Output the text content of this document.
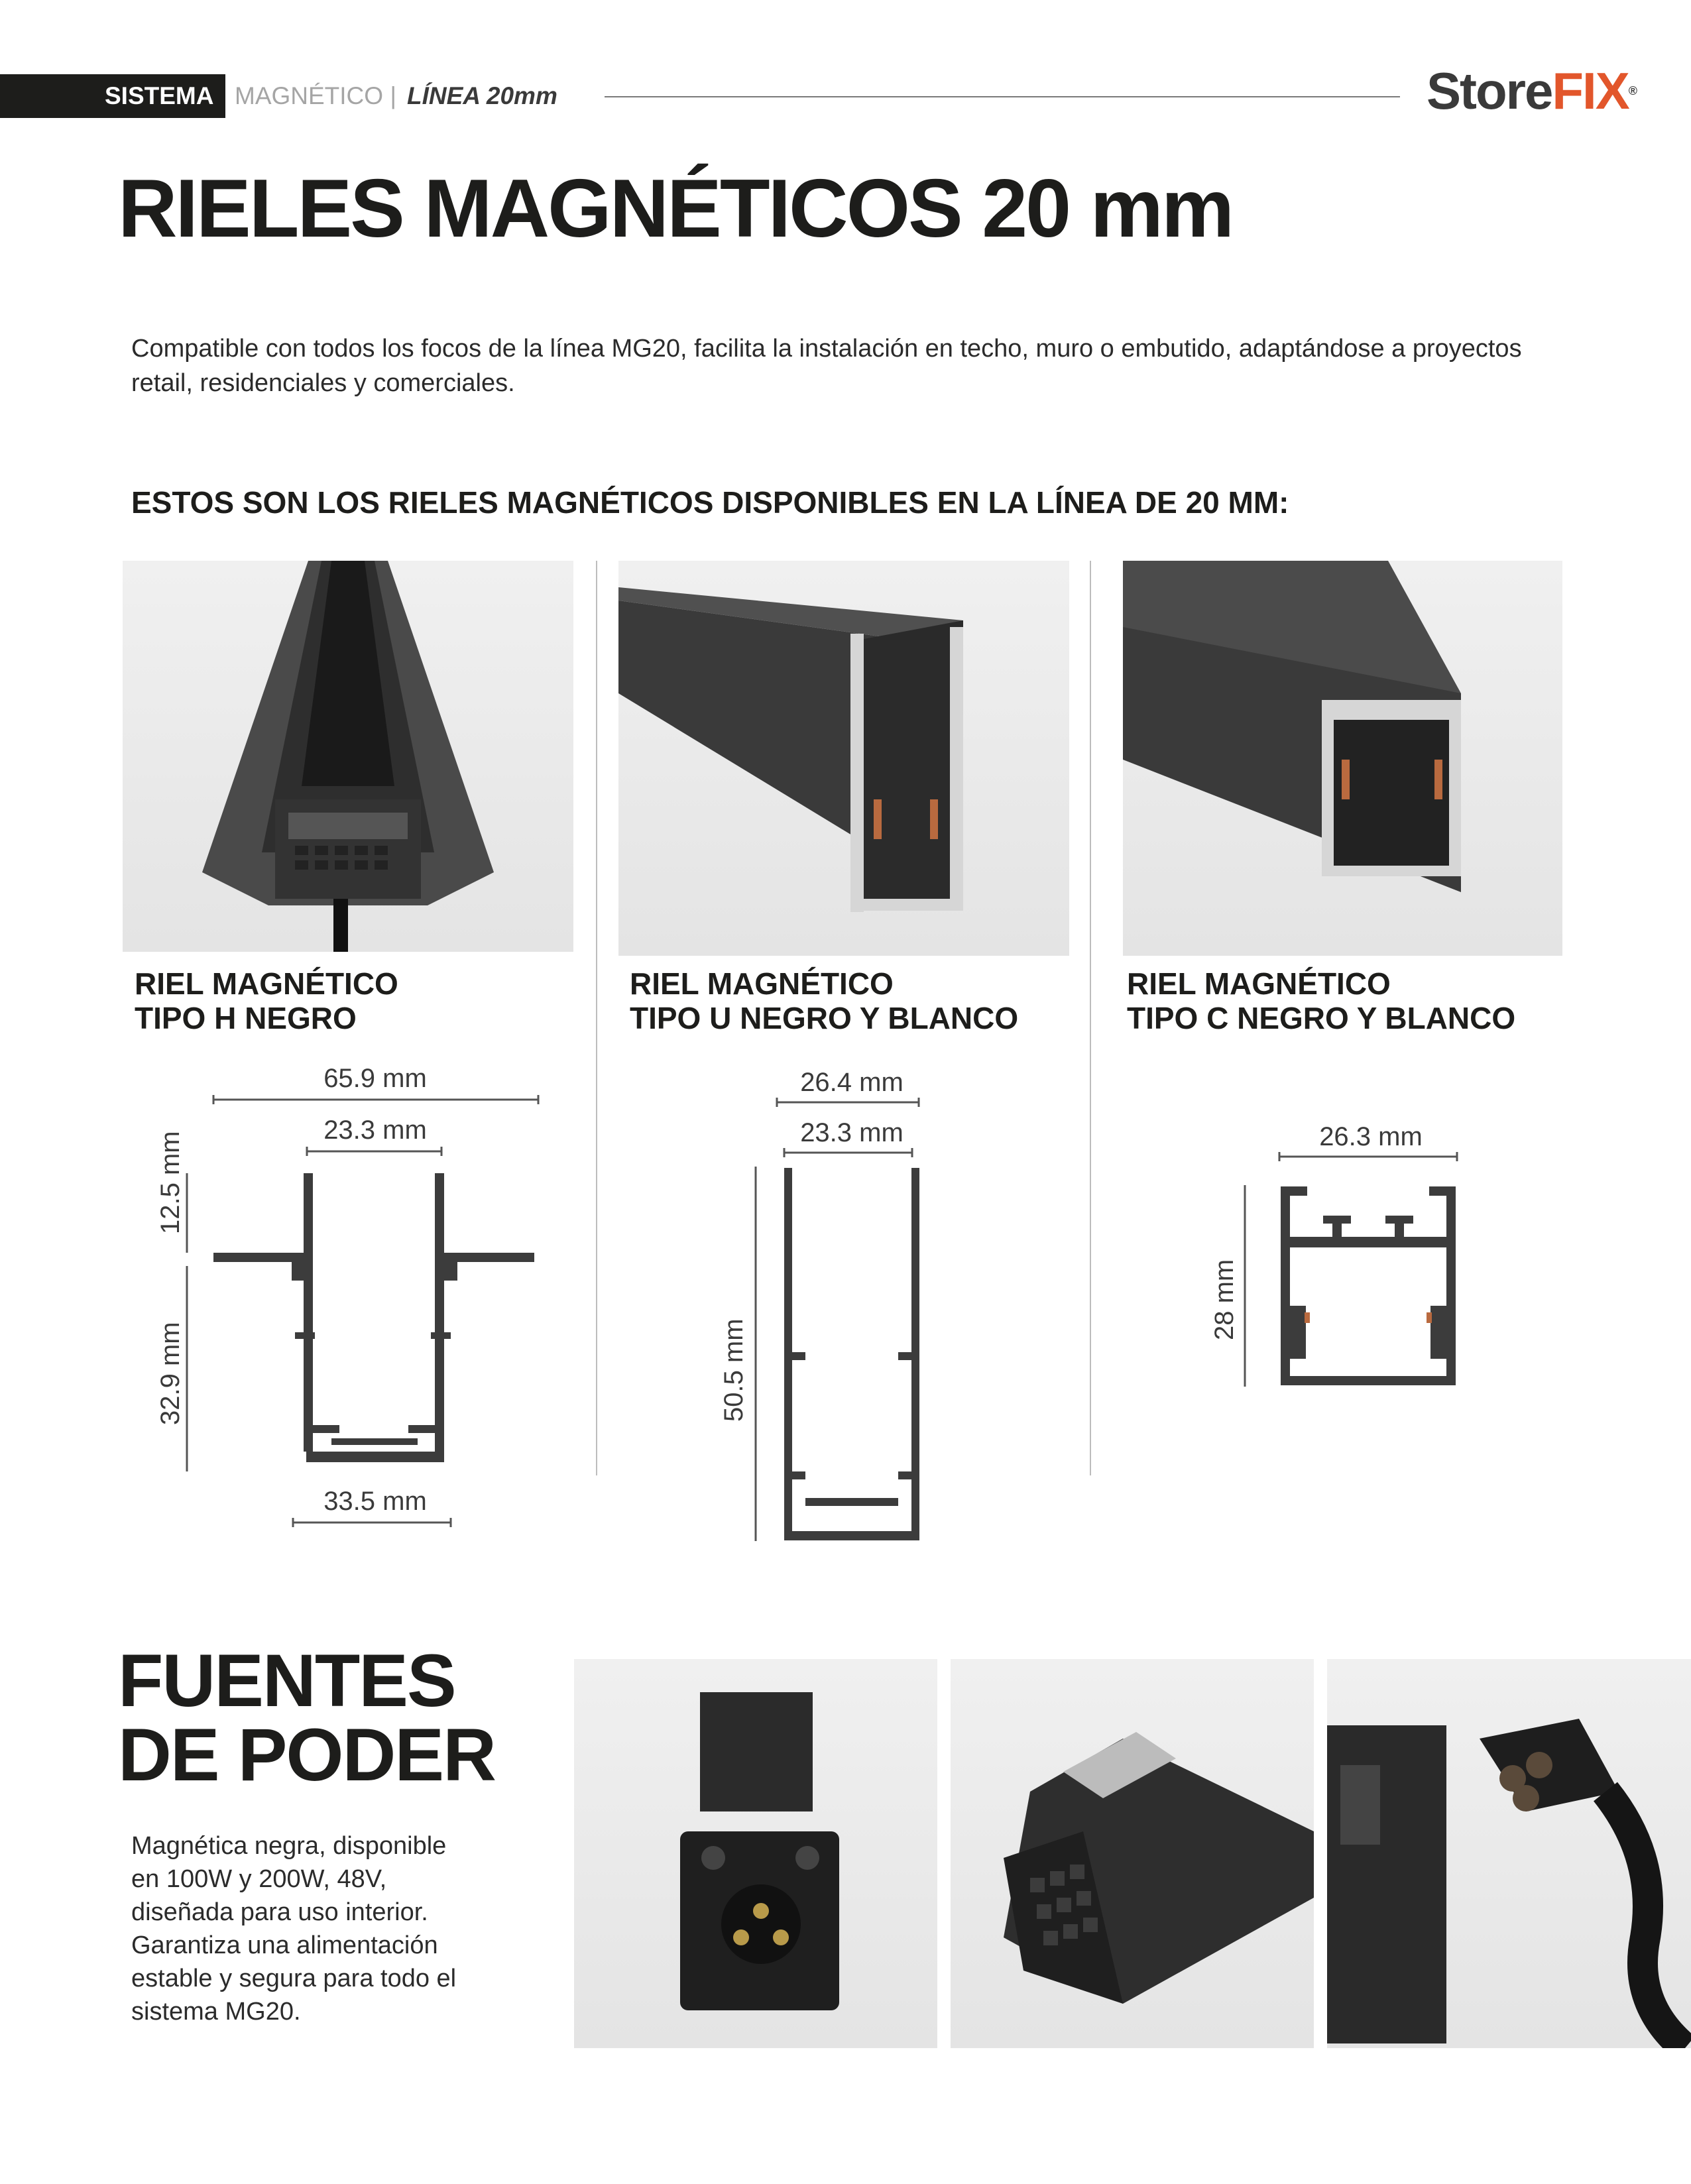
SISTEMA MAGNÉTICO | LÍNEA 20mm	StoreFIX®
RIELES MAGNÉTICOS 20 mm
Compatible con todos los focos de la línea MG20, facilita la instalación en techo, muro o embutido, adaptándose a proyectos
retail, residenciales y comerciales.
ESTOS SON LOS RIELES MAGNÉTICOS DISPONIBLES EN LA LÍNEA DE 20 MM:
RIEL MAGNÉTICO
TIPO H NEGRO
RIEL MAGNÉTICO
TIPO U NEGRO Y BLANCO
RIEL MAGNÉTICO
TIPO C NEGRO Y BLANCO
65.9 mm
23.3 mm
12.5 mm
32.9 mm
33.5 mm
26.4 mm
23.3 mm
50.5 mm
26.3 mm
28 mm
FUENTES
DE PODER
Magnética negra, disponible
en 100W y 200W, 48V,
diseñada para uso interior.
Garantiza una alimentación
estable y segura para todo el
sistema MG20.
